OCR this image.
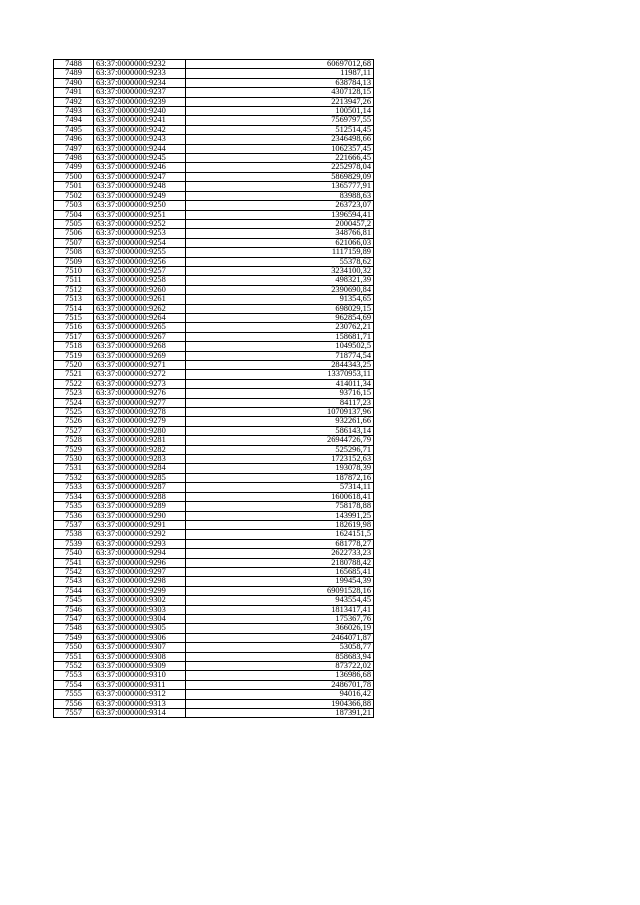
7488	63:37:0000000:9232	60697012,68
7489	63:37:0000000:9233	11987,11
7490	63:37:0000000:9234	638784,13
7491	63:37:0000000:9237	4307128,15
7492	63:37:0000000:9239	2213947,26
7493	63:37:0000000:9240	100501,14
7494	63:37:0000000:9241	7569797,55
7495	63:37:0000000:9242	512514,45
7496	63:37:0000000:9243	2346498,66
7497	63:37:0000000:9244	1062357,45
7498	63:37:0000000:9245	221666,45
7499	63:37:0000000:9246	2252978,04
7500	63:37:0000000:9247	5869829,09
7501	63:37:0000000:9248	1365777,91
7502	63:37:0000000:9249	83988,63
7503	63:37:0000000:9250	263723,07
7504	63:37:0000000:9251	1396594,41
7505	63:37:0000000:9252	2000457,2
7506	63:37:0000000:9253	348766,81
7507	63:37:0000000:9254	621066,03
7508	63:37:0000000:9255	1117159,89
7509	63:37:0000000:9256	55378,62
7510	63:37:0000000:9257	3234100,32
7511	63:37:0000000:9258	498321,39
7512	63:37:0000000:9260	2390690,84
7513	63:37:0000000:9261	91354,65
7514	63:37:0000000:9262	698029,15
7515	63:37:0000000:9264	962854,69
7516	63:37:0000000:9265	230762,21
7517	63:37:0000000:9267	158681,71
7518	63:37:0000000:9268	1049502,5
7519	63:37:0000000:9269	718774,54
7520	63:37:0000000:9271	2844343,25
7521	63:37:0000000:9272	13370953,11
7522	63:37:0000000:9273	414011,34
7523	63:37:0000000:9276	93716,15
7524	63:37:0000000:9277	84117,23
7525	63:37:0000000:9278	10709137,96
7526	63:37:0000000:9279	932261,66
7527	63:37:0000000:9280	586143,14
7528	63:37:0000000:9281	26944726,79
7529	63:37:0000000:9282	525296,71
7530	63:37:0000000:9283	1723152,63
7531	63:37:0000000:9284	193078,39
7532	63:37:0000000:9285	187872,16
7533	63:37:0000000:9287	57314,11
7534	63:37:0000000:9288	1600618,41
7535	63:37:0000000:9289	758178,88
7536	63:37:0000000:9290	143991,25
7537	63:37:0000000:9291	182619,98
7538	63:37:0000000:9292	1624151,5
7539	63:37:0000000:9293	681778,27
7540	63:37:0000000:9294	2622733,23
7541	63:37:0000000:9296	2180788,42
7542	63:37:0000000:9297	165685,41
7543	63:37:0000000:9298	199454,39
7544	63:37:0000000:9299	69091528,16
7545	63:37:0000000:9302	943554,45
7546	63:37:0000000:9303	1813417,41
7547	63:37:0000000:9304	175367,76
7548	63:37:0000000:9305	366026,19
7549	63:37:0000000:9306	2464071,87
7550	63:37:0000000:9307	53058,77
7551	63:37:0000000:9308	858683,94
7552	63:37:0000000:9309	873722,02
7553	63:37:0000000:9310	136986,68
7554	63:37:0000000:9311	2486701,78
7555	63:37:0000000:9312	94016,42
7556	63:37:0000000:9313	1904366,88
7557	63:37:0000000:9314	187391,21
